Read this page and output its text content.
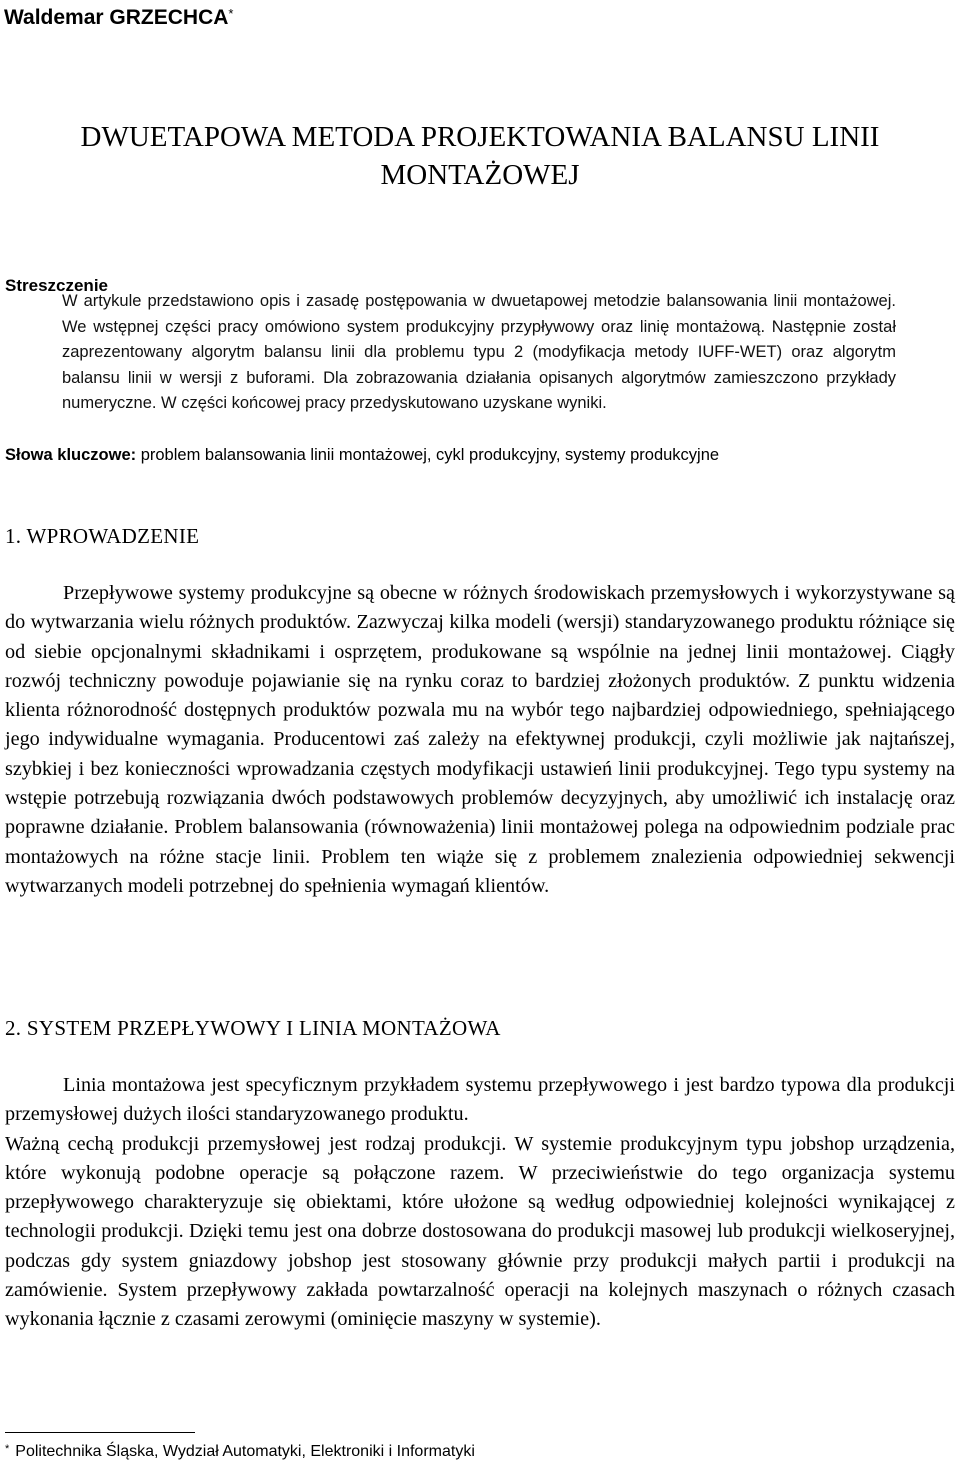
Waldemar GRZECHCA*
DWUETAPOWA METODA PROJEKTOWANIA BALANSU LINII
MONTAŻOWEJ
Streszczenie
W artykule przedstawiono opis i zasadę postępowania w dwuetapowej metodzie balansowania linii montażowej. We wstępnej części pracy omówiono system produkcyjny przypływowy oraz linię montażową. Następnie został zaprezentowany algorytm balansu linii dla problemu typu 2 (modyfikacja metody IUFF-WET) oraz algorytm balansu linii w wersji z buforami. Dla zobrazowania działania opisanych algorytmów zamieszczono przykłady numeryczne. W części końcowej pracy przedyskutowano uzyskane wyniki.
Słowa kluczowe: problem balansowania linii montażowej, cykl produkcyjny, systemy produkcyjne
1. WPROWADZENIE
Przepływowe systemy produkcyjne są obecne w różnych środowiskach przemysłowych i wykorzystywane są do wytwarzania wielu różnych produktów. Zazwyczaj kilka modeli (wersji) standaryzowanego produktu różniące się od siebie opcjonalnymi składnikami i osprzętem, produkowane są wspólnie na jednej linii montażowej. Ciągły rozwój techniczny powoduje pojawianie się na rynku coraz to bardziej złożonych produktów. Z punktu widzenia klienta różnorodność dostępnych produktów pozwala mu na wybór tego najbardziej odpowiedniego, spełniającego jego indywidualne wymagania. Producentowi zaś zależy na efektywnej produkcji, czyli możliwie jak najtańszej, szybkiej i bez konieczności wprowadzania częstych modyfikacji ustawień linii produkcyjnej. Tego typu systemy na wstępie potrzebują rozwiązania dwóch podstawowych problemów decyzyjnych, aby umożliwić ich instalację oraz poprawne działanie. Problem balansowania (równoważenia) linii montażowej polega na odpowiednim podziale prac montażowych na różne stacje linii. Problem ten wiąże się z problemem znalezienia odpowiedniej sekwencji wytwarzanych modeli potrzebnej do spełnienia wymagań klientów.
2. SYSTEM PRZEPŁYWOWY I LINIA MONTAŻOWA
Linia montażowa jest specyficznym przykładem systemu przepływowego i jest bardzo typowa dla produkcji przemysłowej dużych ilości standaryzowanego produktu.
Ważną cechą produkcji przemysłowej jest rodzaj produkcji. W systemie produkcyjnym typu jobshop urządzenia, które wykonują podobne operacje są połączone razem. W przeciwieństwie do tego organizacja systemu przepływowego charakteryzuje się obiektami, które ułożone są według odpowiedniej kolejności wynikającej z technologii produkcji. Dzięki temu jest ona dobrze dostosowana do produkcji masowej lub produkcji wielkoseryjnej, podczas gdy system gniazdowy jobshop jest stosowany głównie przy produkcji małych partii i produkcji na zamówienie. System przepływowy zakłada powtarzalność operacji na kolejnych maszynach o różnych czasach wykonania łącznie z czasami zerowymi (ominięcie maszyny w systemie).
* Politechnika Śląska, Wydział Automatyki, Elektroniki i Informatyki
